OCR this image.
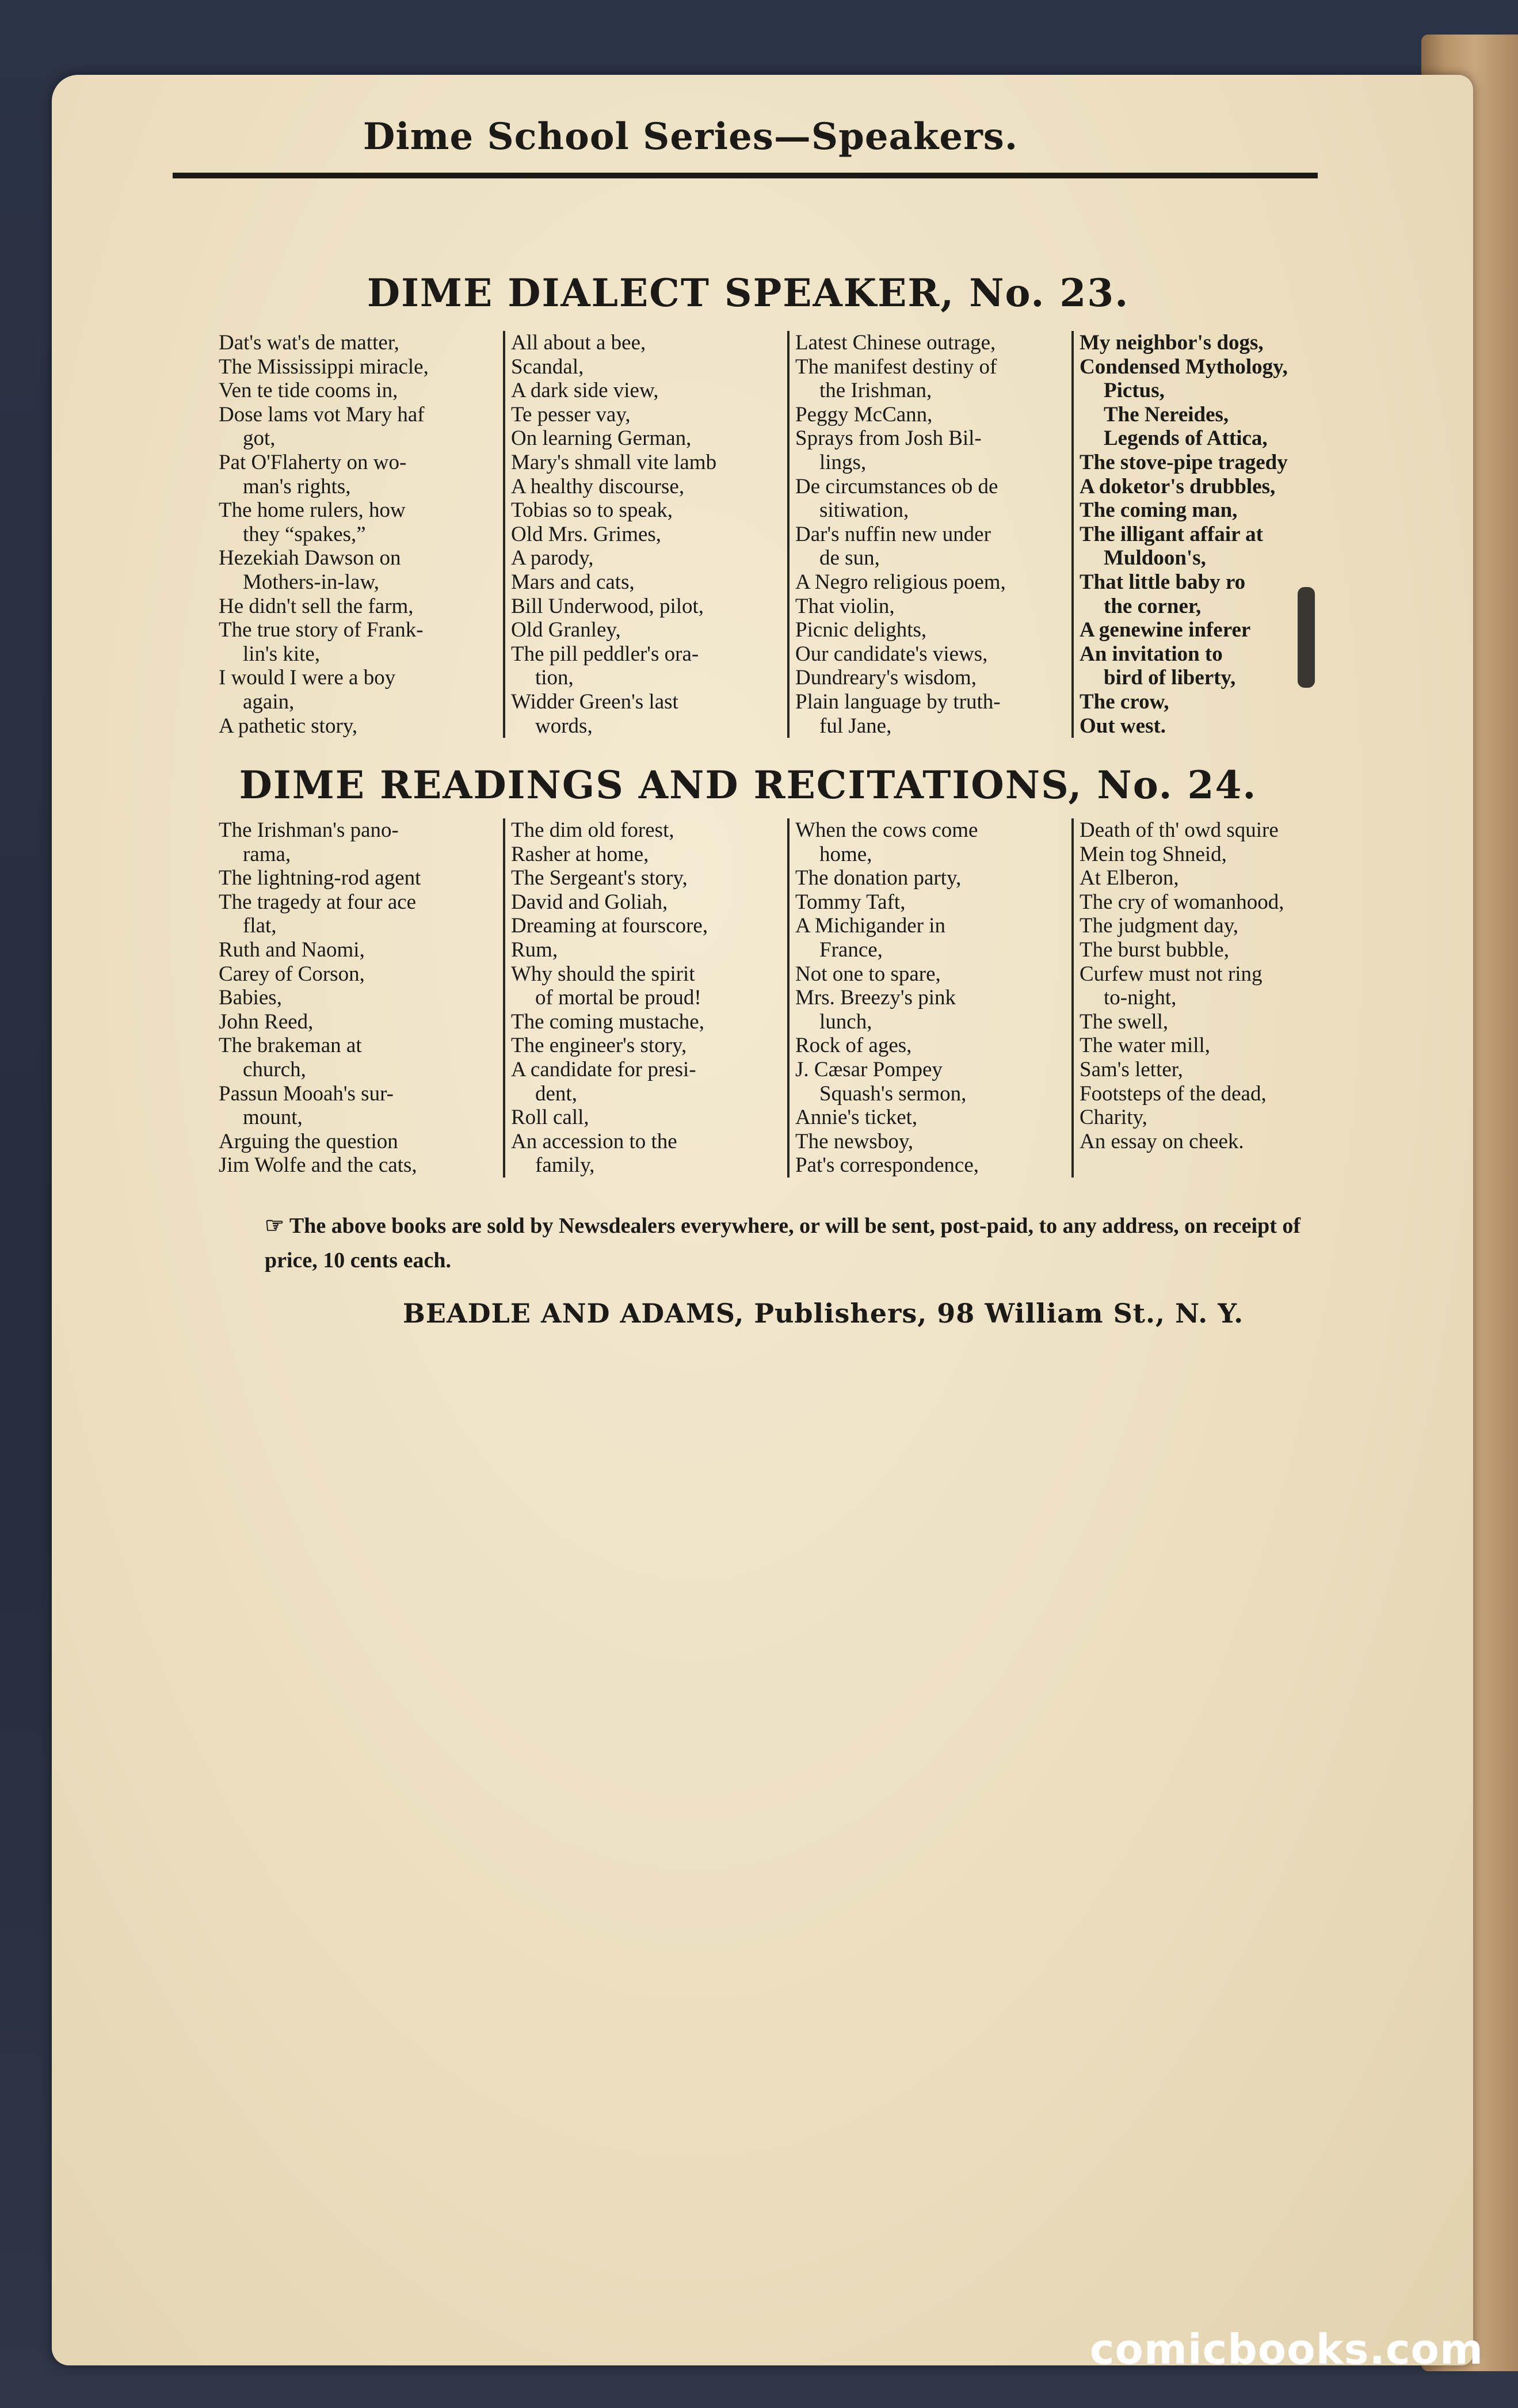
Dime School Series—Speakers.
DIME DIALECT SPEAKER, No. 23.
Dat's wat's de matter,
The Mississippi miracle,
Ven te tide cooms in,
Dose lams vot Mary haf
got,
Pat O'Flaherty on wo-
man's rights,
The home rulers, how
they “spakes,”
Hezekiah Dawson on
Mothers-in-law,
He didn't sell the farm,
The true story of Frank-
lin's kite,
I would I were a boy
again,
A pathetic story,
All about a bee,
Scandal,
A dark side view,
Te pesser vay,
On learning German,
Mary's shmall vite lamb
A healthy discourse,
Tobias so to speak,
Old Mrs. Grimes,
A parody,
Mars and cats,
Bill Underwood, pilot,
Old Granley,
The pill peddler's ora-
tion,
Widder Green's last
words,
Latest Chinese outrage,
The manifest destiny of
the Irishman,
Peggy McCann,
Sprays from Josh Bil-
lings,
De circumstances ob de
sitiwation,
Dar's nuffin new under
de sun,
A Negro religious poem,
That violin,
Picnic delights,
Our candidate's views,
Dundreary's wisdom,
Plain language by truth-
ful Jane,
My neighbor's dogs,
Condensed Mythology,
Pictus,
The Nereides,
Legends of Attica,
The stove-pipe tragedy
A doketor's drubbles,
The coming man,
The illigant affair at
Muldoon's,
That little baby ro
the corner,
A genewine inferer
An invitation to
bird of liberty,
The crow,
Out west.
DIME READINGS AND RECITATIONS, No. 24.
The Irishman's pano-
rama,
The lightning-rod agent
The tragedy at four ace
flat,
Ruth and Naomi,
Carey of Corson,
Babies,
John Reed,
The brakeman at
church,
Passun Mooah's sur-
mount,
Arguing the question
Jim Wolfe and the cats,
The dim old forest,
Rasher at home,
The Sergeant's story,
David and Goliah,
Dreaming at fourscore,
Rum,
Why should the spirit
of mortal be proud!
The coming mustache,
The engineer's story,
A candidate for presi-
dent,
Roll call,
An accession to the
family,
When the cows come
home,
The donation party,
Tommy Taft,
A Michigander in
France,
Not one to spare,
Mrs. Breezy's pink
lunch,
Rock of ages,
J. Cæsar Pompey
Squash's sermon,
Annie's ticket,
The newsboy,
Pat's correspondence,
Death of th' owd squire
Mein tog Shneid,
At Elberon,
The cry of womanhood,
The judgment day,
The burst bubble,
Curfew must not ring
to-night,
The swell,
The water mill,
Sam's letter,
Footsteps of the dead,
Charity,
An essay on cheek.
☞ The above books are sold by Newsdealers everywhere, or will be sent, post-paid, to any address, on receipt of price, 10 cents each.
BEADLE AND ADAMS, Publishers, 98 William St., N. Y.
comicbooks.com
